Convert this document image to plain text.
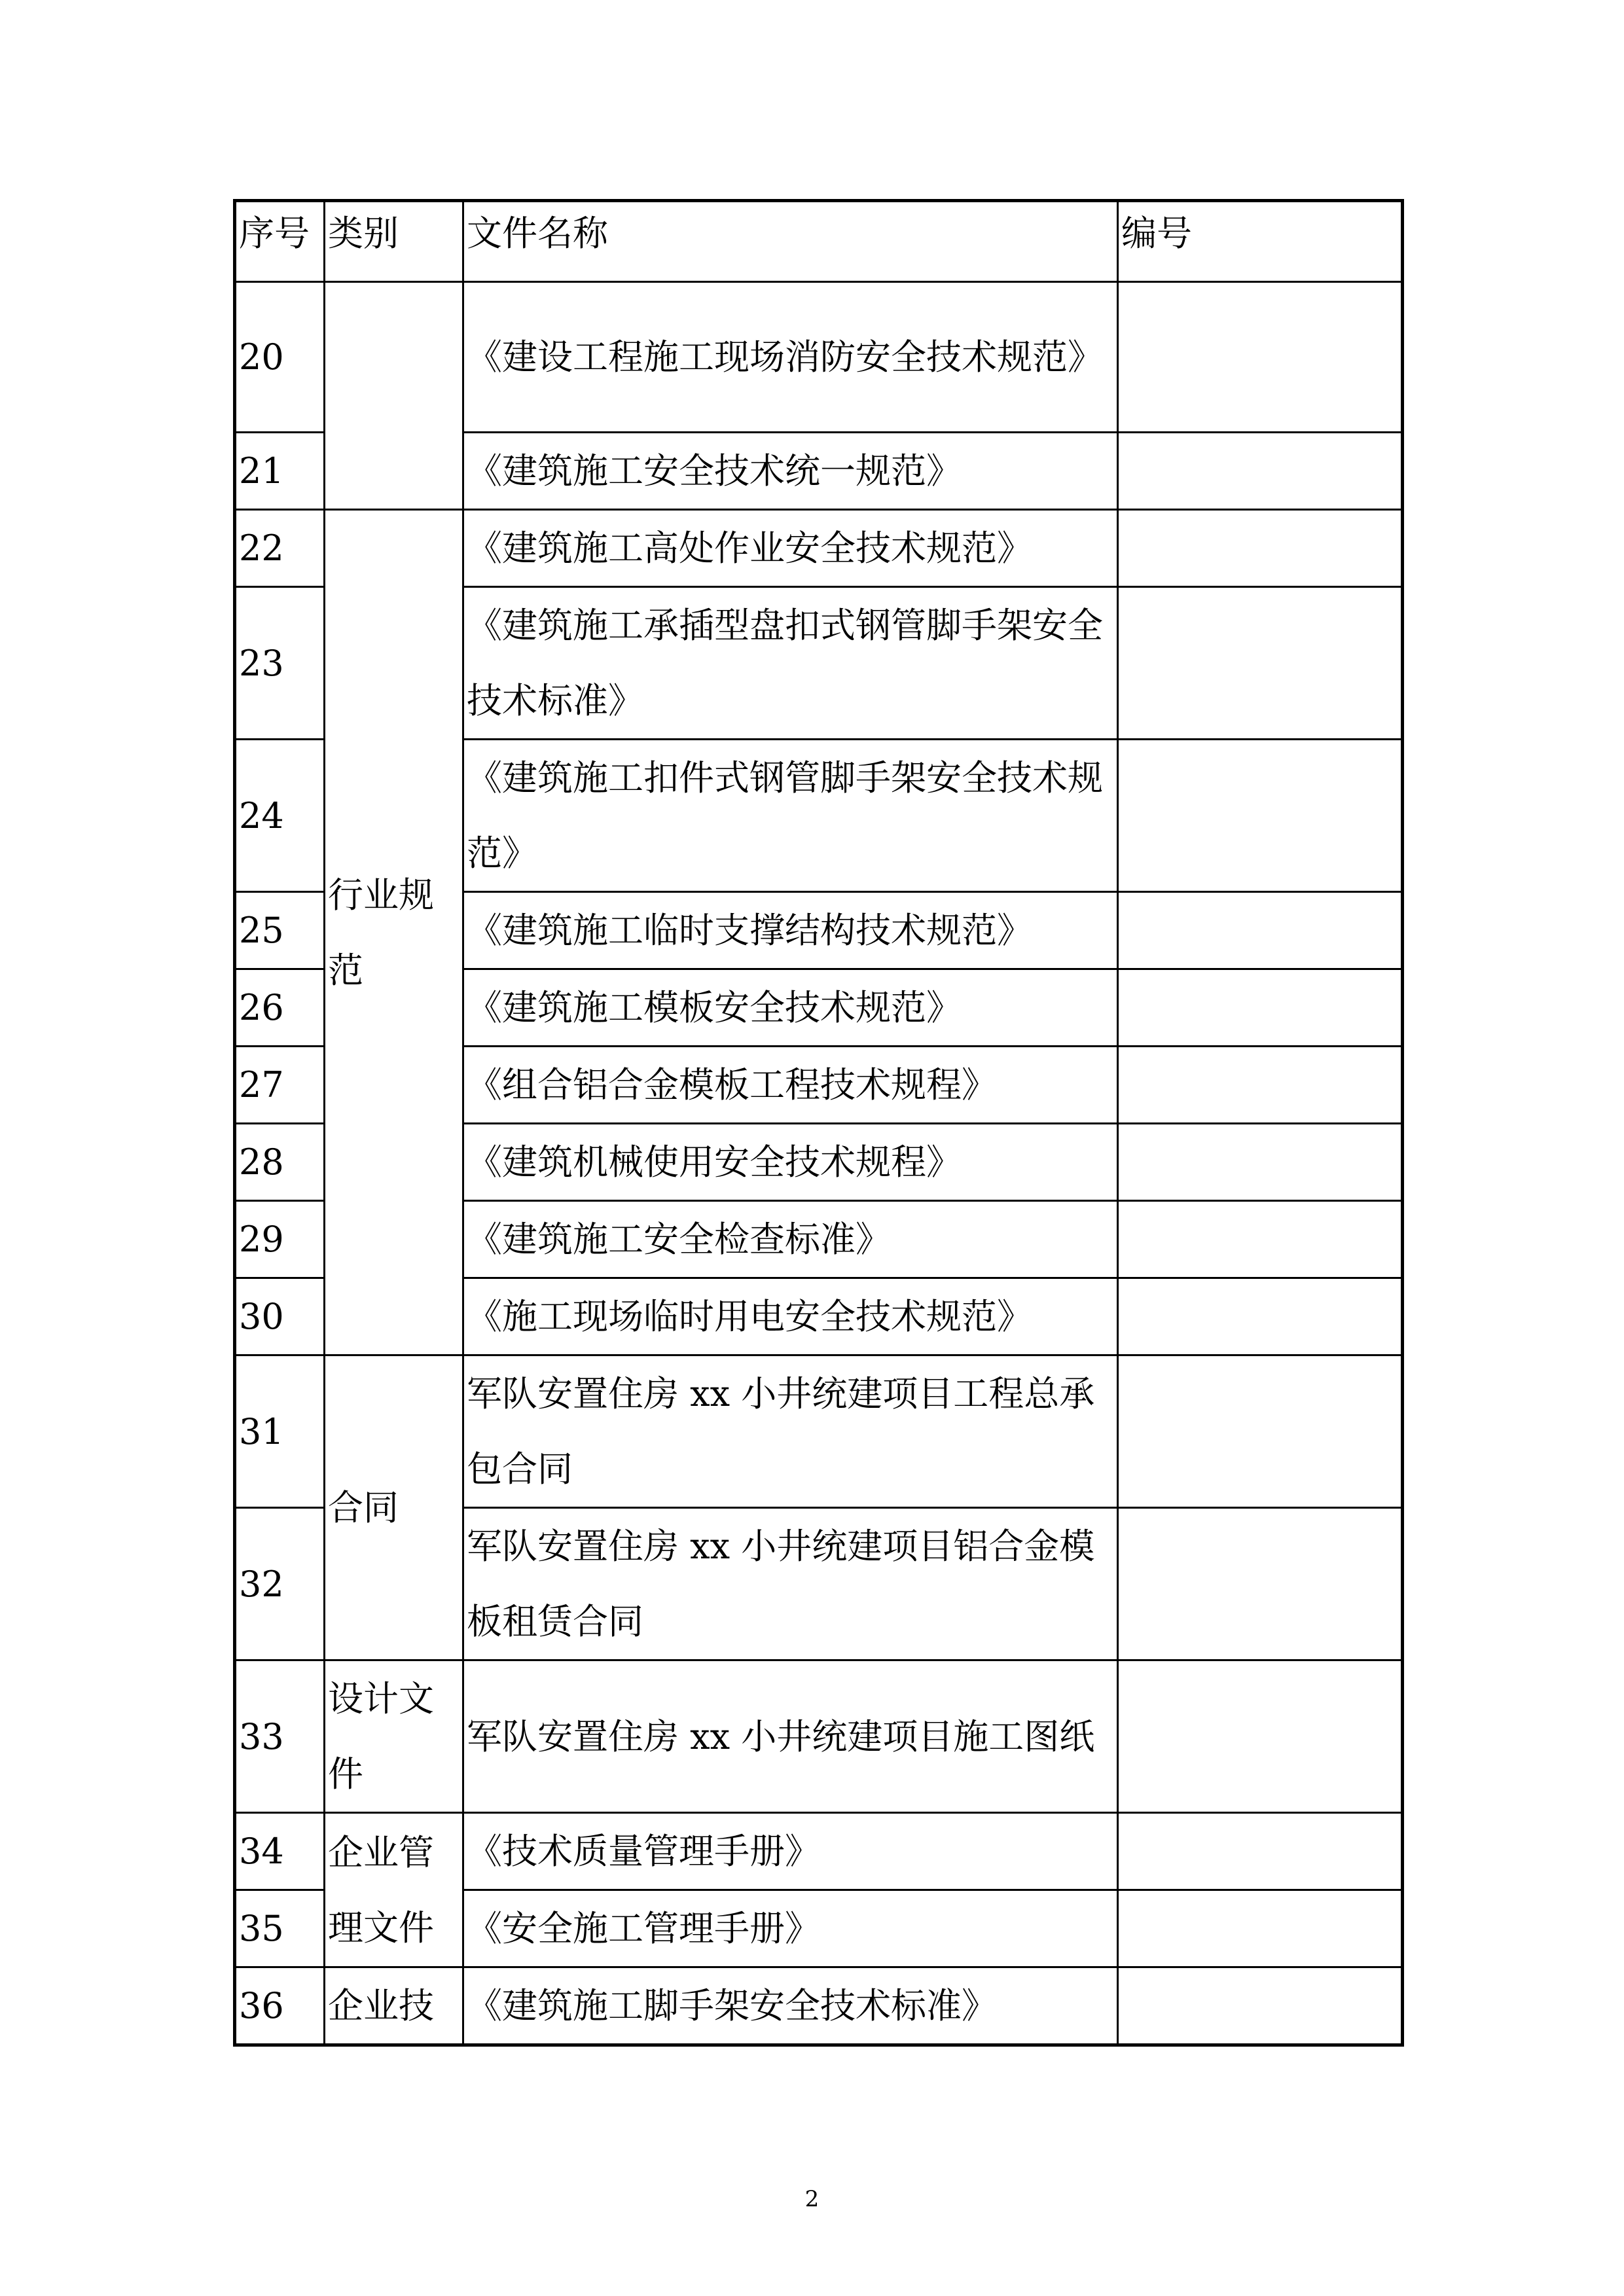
序号	类别	文件名称	编号
20		《建设工程施工现场消防安全技术规范》	
21		《建筑施工安全技术统一规范》	
22	行业规范	《建筑施工高处作业安全技术规范》	
23		《建筑施工承插型盘扣式钢管脚手架安全技术标准》	
24		《建筑施工扣件式钢管脚手架安全技术规范》	
25		《建筑施工临时支撑结构技术规范》	
26		《建筑施工模板安全技术规范》	
27		《组合铝合金模板工程技术规程》	
28		《建筑机械使用安全技术规程》	
29		《建筑施工安全检查标准》	
30		《施工现场临时用电安全技术规范》	
31	合同	军队安置住房 xx 小井统建项目工程总承包合同	
32		军队安置住房 xx 小井统建项目铝合金模板租赁合同	
33	设计文件	军队安置住房 xx 小井统建项目施工图纸	
34	企业管理文件	《技术质量管理手册》	
35		《安全施工管理手册》	
36	企业技	《建筑施工脚手架安全技术标准》	
2
